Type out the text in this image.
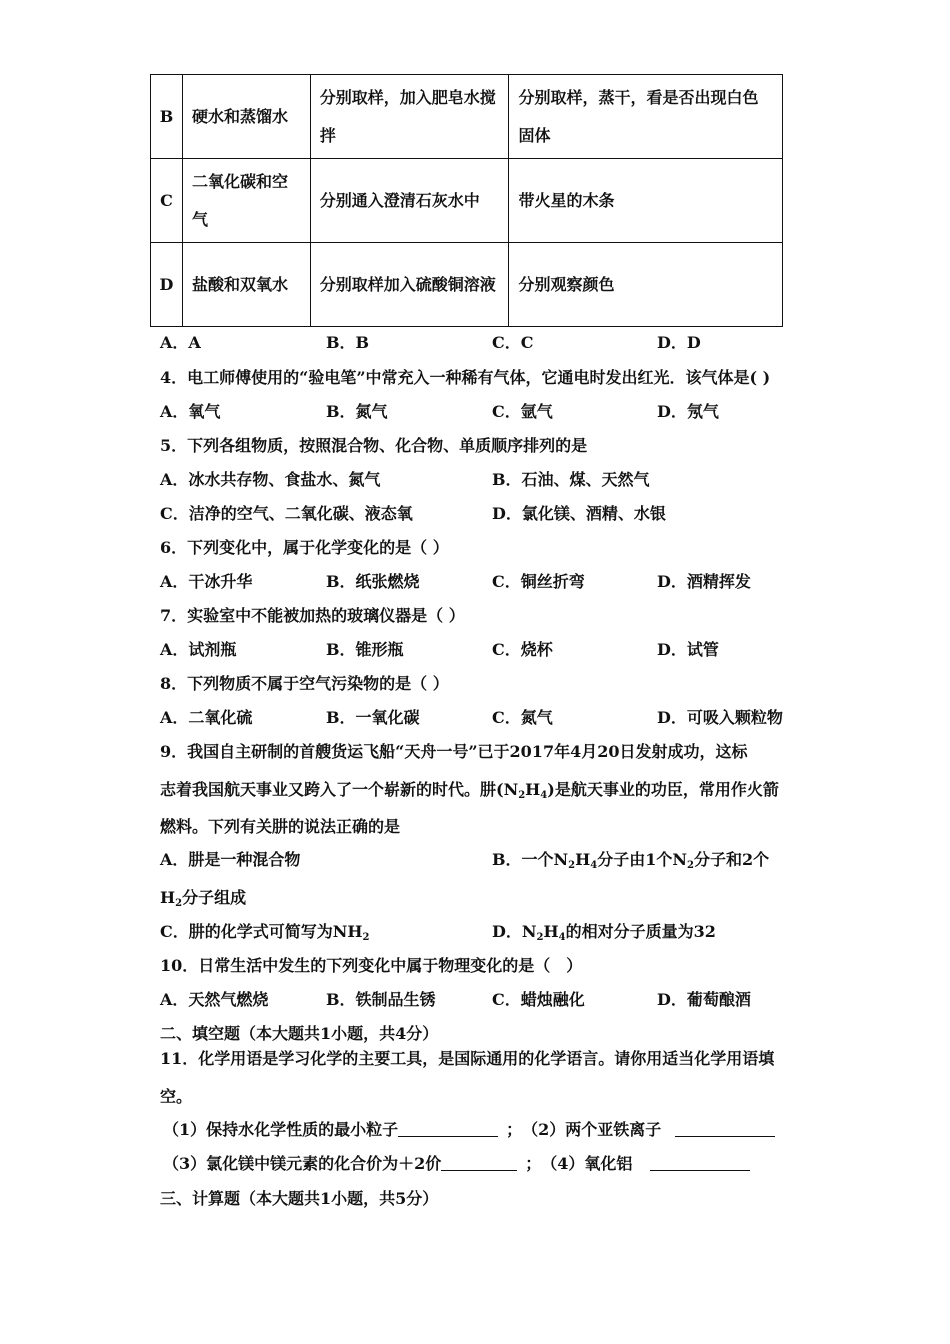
B	硬水和蒸馏水	分别取样，加入肥皂水搅拌	分别取样，蒸干，看是否出现白色固体
C	二氧化碳和空气	分别通入澄清石灰水中	带火星的木条
D	盐酸和双氧水	分别取样加入硫酸铜溶液	分别观察颜色
A．A	B．B	C．C	D．D
4．电工师傅使用的“验电笔”中常充入一种稀有气体，它通电时发出红光．该气体是( )
A．氧气	B．氮气	C．氩气	D．氖气
5．下列各组物质，按照混合物、化合物、单质顺序排列的是
A．冰水共存物、食盐水、氮气	B．石油、煤、天然气
C．洁净的空气、二氧化碳、液态氧	D．氯化镁、酒精、水银
6．下列变化中，属于化学变化的是（ ）
A．干冰升华	B．纸张燃烧	C．铜丝折弯	D．酒精挥发
7．实验室中不能被加热的玻璃仪器是（ ）
A．试剂瓶	B．锥形瓶	C．烧杯	D．试管
8．下列物质不属于空气污染物的是（ ）
A．二氧化硫	B．一氧化碳	C．氮气	D．可吸入颗粒物
9．我国自主研制的首艘货运飞船“天舟一号”已于2017年4月20日发射成功，这标
志着我国航天事业又跨入了一个崭新的时代。肼$(N_2H_4)$是航天事业的功臣，常用作火箭
燃料。下列有关肼的说法正确的是
A．肼是一种混合物	B．一个$N_2H_4$分子由1个$N_2$分子和2个
$H_2$分子组成
C．肼的化学式可简写为$NH_2$	D．$N_2H_4$的相对分子质量为32
10．日常生活中发生的下列变化中属于物理变化的是（　）
A．天然气燃烧	B．铁制品生锈	C．蜡烛融化	D．葡萄酿酒
二、填空题（本大题共1小题，共4分）
11．化学用语是学习化学的主要工具，是国际通用的化学语言。请你用适当化学用语填
空。
（1）保持水化学性质的最小粒子	； （2）两个亚铁离子
（3）氯化镁中镁元素的化合价为＋2价	； （4）氧化铝
三、计算题（本大题共1小题，共5分）
